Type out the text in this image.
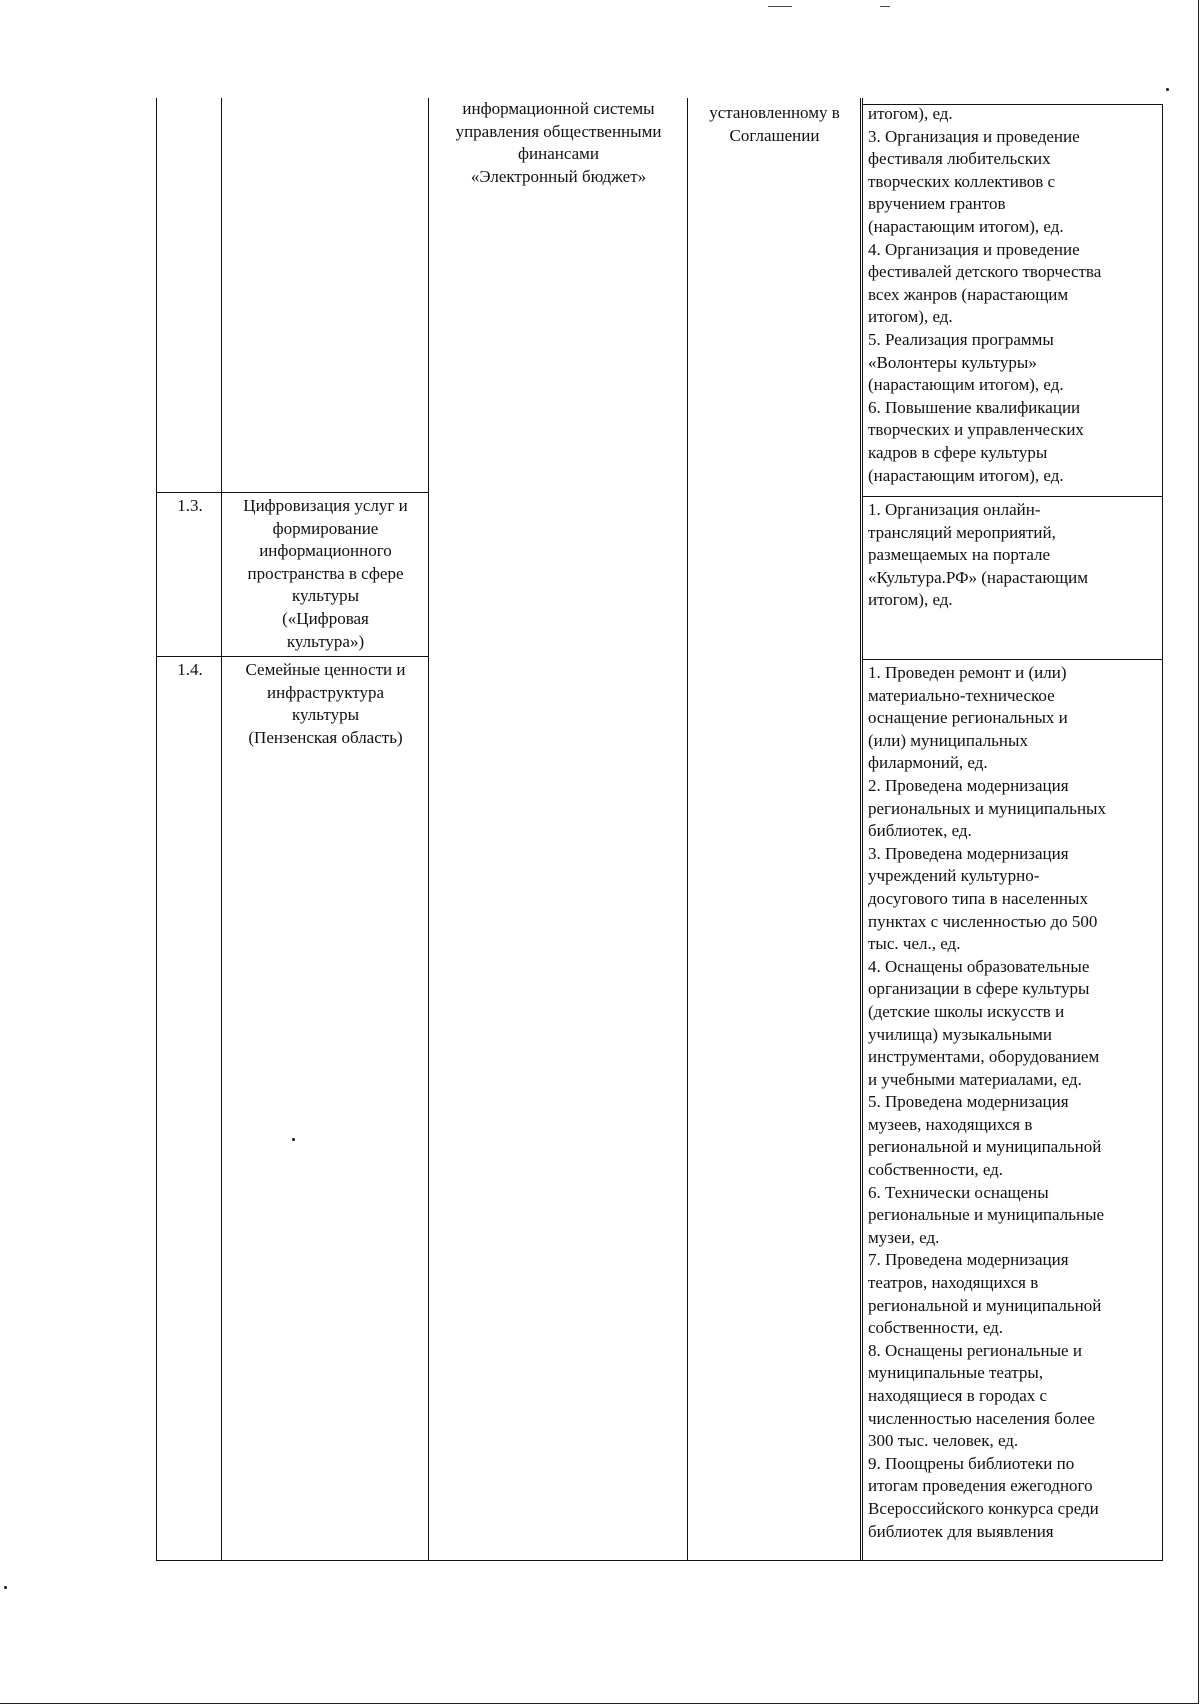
информационной системы
управления общественными
финансами
«Электронный бюджет»
установленному в
Соглашении
итогом), ед.
3. Организация и проведение
фестиваля любительских
творческих коллективов с
вручением грантов
(нарастающим итогом), ед.
4. Организация и проведение
фестивалей детского творчества
всех жанров (нарастающим
итогом), ед.
5. Реализация программы
«Волонтеры культуры»
(нарастающим итогом), ед.
6. Повышение квалификации
творческих и управленческих
кадров в сфере культуры
(нарастающим итогом), ед.
1.3.	Цифровизация услуг и
формирование
информационного
пространства в сфере
культуры
(«Цифровая
культура»)
1. Организация онлайн-
трансляций мероприятий,
размещаемых на портале
«Культура.РФ» (нарастающим
итогом), ед.
1.4.	Семейные ценности и
инфраструктура
культуры
(Пензенская область)
1. Проведен ремонт и (или)
материально-техническое
оснащение региональных и
(или) муниципальных
филармоний, ед.
2. Проведена модернизация
региональных и муниципальных
библиотек, ед.
3. Проведена модернизация
учреждений культурно-
досугового типа в населенных
пунктах с численностью до 500
тыс. чел., ед.
4. Оснащены образовательные
организации в сфере культуры
(детские школы искусств и
училища) музыкальными
инструментами, оборудованием
и учебными материалами, ед.
5. Проведена модернизация
музеев, находящихся в
региональной и муниципальной
собственности, ед.
6. Технически оснащены
региональные и муниципальные
музеи, ед.
7. Проведена модернизация
театров, находящихся в
региональной и муниципальной
собственности, ед.
8. Оснащены региональные и
муниципальные театры,
находящиеся в городах с
численностью населения более
300 тыс. человек, ед.
9. Поощрены библиотеки по
итогам проведения ежегодного
Всероссийского конкурса среди
библиотек для выявления
